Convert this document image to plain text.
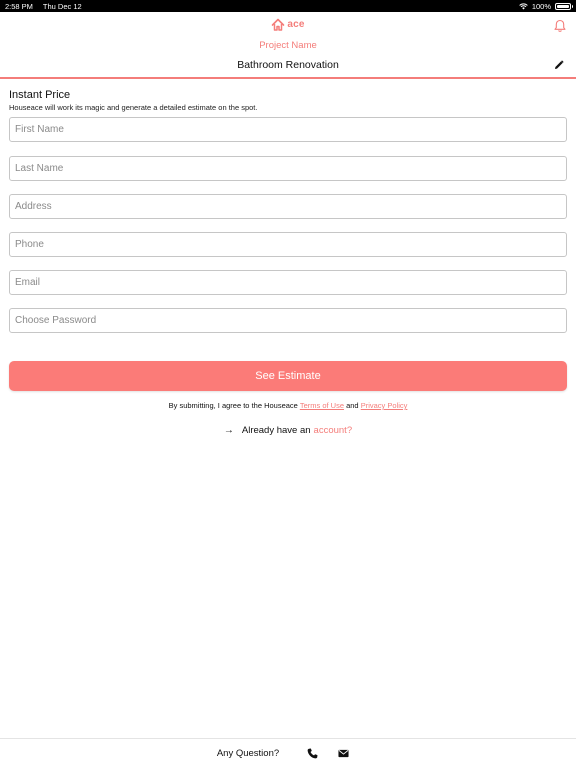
2:58 PM Thu Dec 12	100%
ace
Project Name
Bathroom Renovation
Instant Price
Houseace will work its magic and generate a detailed estimate on the spot.
First Name
Last Name
Address
Phone
Email
See Estimate
By submitting, I agree to the Houseace Terms of Use and Privacy Policy
→ Already have an account?
Any Question?
